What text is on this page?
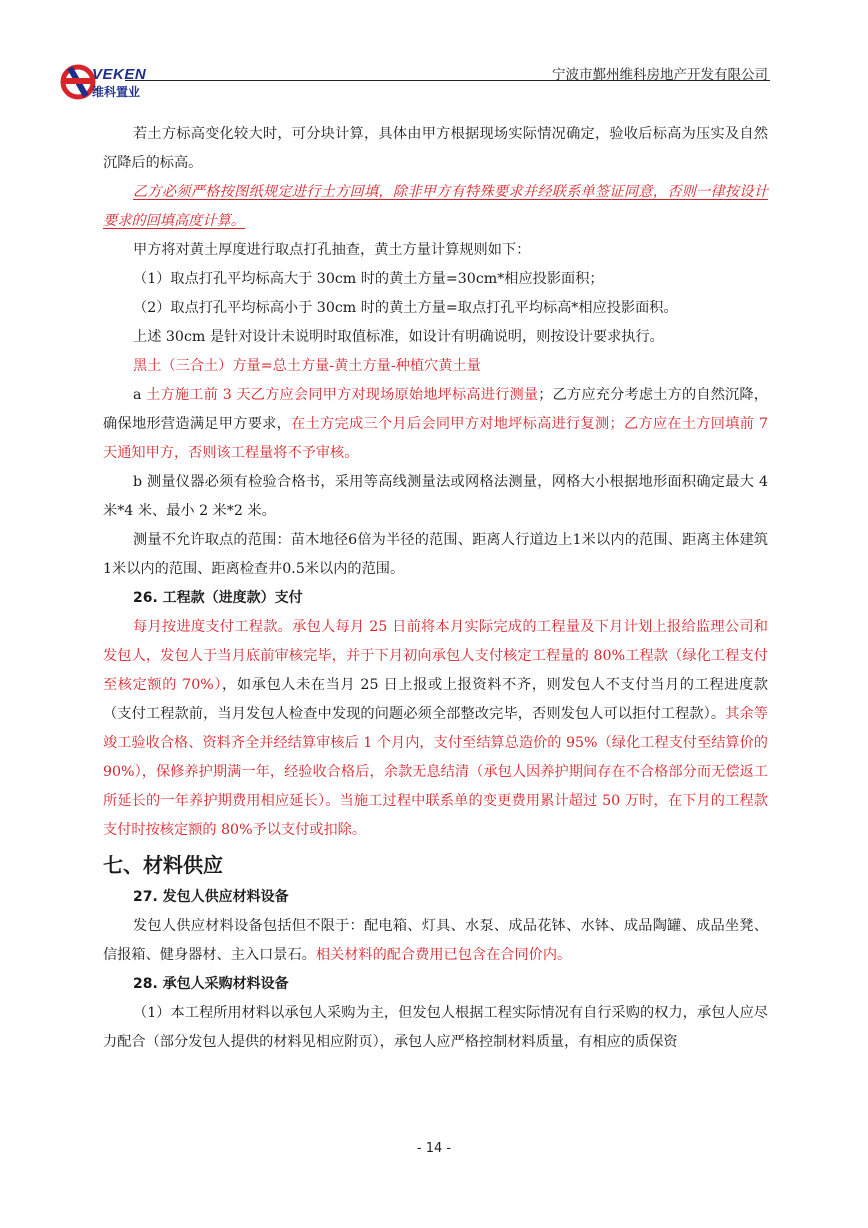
VEKEN
维科置业
宁波市鄞州维科房地产开发有限公司

若土方标高变化较大时，可分块计算，具体由甲方根据现场实际情况确定，验收后标高为压实及自然沉降后的标高。

乙方必须严格按图纸规定进行土方回填，除非甲方有特殊要求并经联系单签证同意，否则一律按设计要求的回填高度计算。

甲方将对黄土厚度进行取点打孔抽查，黄土方量计算规则如下：

（1）取点打孔平均标高大于 30cm 时的黄土方量=30cm*相应投影面积；

（2）取点打孔平均标高小于 30cm 时的黄土方量=取点打孔平均标高*相应投影面积。

上述 30cm 是针对设计未说明时取值标准，如设计有明确说明，则按设计要求执行。

黑土（三合土）方量=总土方量-黄土方量-种植穴黄土量

a 土方施工前 3 天乙方应会同甲方对现场原始地坪标高进行测量；乙方应充分考虑土方的自然沉降，确保地形营造满足甲方要求，在土方完成三个月后会同甲方对地坪标高进行复测；乙方应在土方回填前 7 天通知甲方，否则该工程量将不予审核。

b 测量仪器必须有检验合格书，采用等高线测量法或网格法测量，网格大小根据地形面积确定最大 4 米*4 米、最小 2 米*2 米。

测量不允许取点的范围：苗木地径6倍为半径的范围、距离人行道边上1米以内的范围、距离主体建筑1米以内的范围、距离检查井0.5米以内的范围。

26. 工程款（进度款）支付

每月按进度支付工程款。承包人每月 25 日前将本月实际完成的工程量及下月计划上报给监理公司和发包人，发包人于当月底前审核完毕，并于下月初向承包人支付核定工程量的 80%工程款（绿化工程支付至核定额的 70%），如承包人未在当月 25 日上报或上报资料不齐，则发包人不支付当月的工程进度款（支付工程款前，当月发包人检查中发现的问题必须全部整改完毕，否则发包人可以拒付工程款）。其余等竣工验收合格、资料齐全并经结算审核后 1 个月内，支付至结算总造价的 95%（绿化工程支付至结算价的 90%），保修养护期满一年，经验收合格后，余款无息结清（承包人因养护期间存在不合格部分而无偿返工所延长的一年养护期费用相应延长）。当施工过程中联系单的变更费用累计超过 50 万时，在下月的工程款支付时按核定额的 80%予以支付或扣除。

七、材料供应

27. 发包人供应材料设备

发包人供应材料设备包括但不限于：配电箱、灯具、水泵、成品花钵、水钵、成品陶罐、成品坐凳、信报箱、健身器材、主入口景石。相关材料的配合费用已包含在合同价内。

28. 承包人采购材料设备

（1）本工程所用材料以承包人采购为主，但发包人根据工程实际情况有自行采购的权力，承包人应尽力配合（部分发包人提供的材料见相应附页），承包人应严格控制材料质量，有相应的质保资

- 14 -
